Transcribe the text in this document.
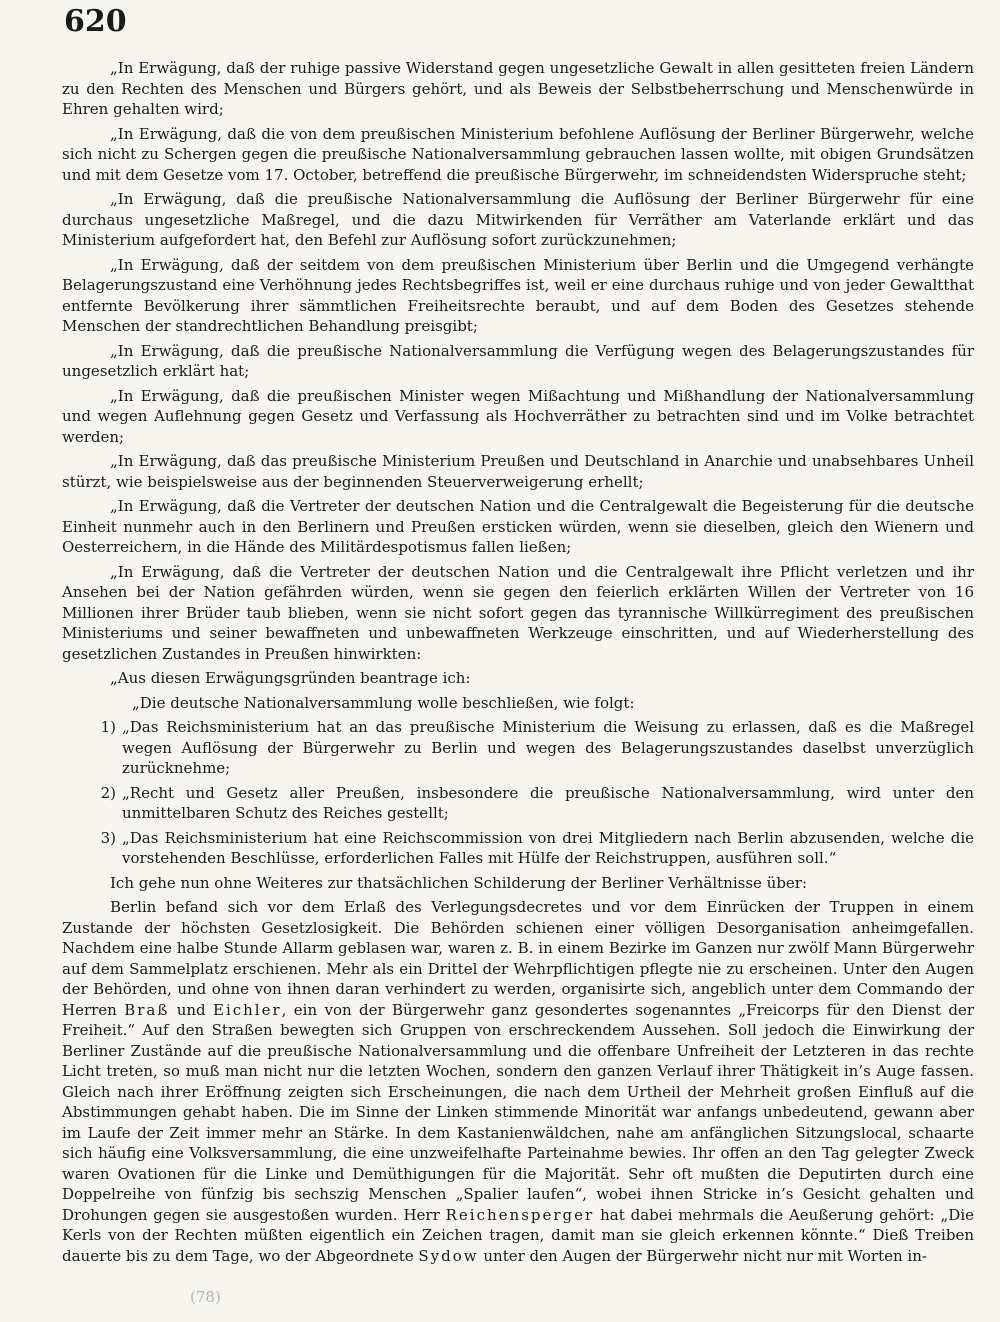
620

„In Erwägung, daß der ruhige passive Widerstand gegen ungesetzliche Gewalt in allen gesitteten freien Ländern zu den Rechten des Menschen und Bürgers gehört, und als Beweis der Selbstbeherrschung und Menschenwürde in Ehren gehalten wird;

„In Erwägung, daß die von dem preußischen Ministerium befohlene Auflösung der Berliner Bürgerwehr, welche sich nicht zu Schergen gegen die preußische Nationalversammlung gebrauchen lassen wollte, mit obigen Grundsätzen und mit dem Gesetze vom 17. October, betreffend die preußische Bürgerwehr, im schneidendsten Widerspruche steht;

„In Erwägung, daß die preußische Nationalversammlung die Auflösung der Berliner Bürgerwehr für eine durchaus ungesetzliche Maßregel, und die dazu Mitwirkenden für Verräther am Vaterlande erklärt und das Ministerium aufgefordert hat, den Befehl zur Auflösung sofort zurückzunehmen;

„In Erwägung, daß der seitdem von dem preußischen Ministerium über Berlin und die Umgegend verhängte Belagerungszustand eine Verhöhnung jedes Rechtsbegriffes ist, weil er eine durchaus ruhige und von jeder Gewaltthat entfernte Bevölkerung ihrer sämmtlichen Freiheitsrechte beraubt, und auf dem Boden des Gesetzes stehende Menschen der standrechtlichen Behandlung preisgibt;

„In Erwägung, daß die preußische Nationalversammlung die Verfügung wegen des Belagerungszustandes für ungesetzlich erklärt hat;

„In Erwägung, daß die preußischen Minister wegen Mißachtung und Mißhandlung der Nationalversammlung und wegen Auflehnung gegen Gesetz und Verfassung als Hochverräther zu betrachten sind und im Volke betrachtet werden;

„In Erwägung, daß das preußische Ministerium Preußen und Deutschland in Anarchie und unabsehbares Unheil stürzt, wie beispielsweise aus der beginnenden Steuerverweigerung erhellt;

„In Erwägung, daß die Vertreter der deutschen Nation und die Centralgewalt die Begeisterung für die deutsche Einheit nunmehr auch in den Berlinern und Preußen ersticken würden, wenn sie dieselben, gleich den Wienern und Oesterreichern, in die Hände des Militärdespotismus fallen ließen;

„In Erwägung, daß die Vertreter der deutschen Nation und die Centralgewalt ihre Pflicht verletzen und ihr Ansehen bei der Nation gefährden würden, wenn sie gegen den feierlich erklärten Willen der Vertreter von 16 Millionen ihrer Brüder taub blieben, wenn sie nicht sofort gegen das tyrannische Willkürregiment des preußischen Ministeriums und seiner bewaffneten und unbewaffneten Werkzeuge einschritten, und auf Wiederherstellung des gesetzlichen Zustandes in Preußen hinwirkten:

„Aus diesen Erwägungsgründen beantrage ich:

„Die deutsche Nationalversammlung wolle beschließen, wie folgt:

1) „Das Reichsministerium hat an das preußische Ministerium die Weisung zu erlassen, daß es die Maßregel wegen Auflösung der Bürgerwehr zu Berlin und wegen des Belagerungszustandes daselbst unverzüglich zurücknehme;
2) „Recht und Gesetz aller Preußen, insbesondere die preußische Nationalversammlung, wird unter den unmittelbaren Schutz des Reiches gestellt;
3) „Das Reichsministerium hat eine Reichscommission von drei Mitgliedern nach Berlin abzusenden, welche die vorstehenden Beschlüsse, erforderlichen Falles mit Hülfe der Reichstruppen, ausführen soll.“

Ich gehe nun ohne Weiteres zur thatsächlichen Schilderung der Berliner Verhältnisse über:

Berlin befand sich vor dem Erlaß des Verlegungsdecretes und vor dem Einrücken der Truppen in einem Zustande der höchsten Gesetzlosigkeit. Die Behörden schienen einer völligen Desorganisation anheimgefallen. Nachdem eine halbe Stunde Allarm geblasen war, waren z. B. in einem Bezirke im Ganzen nur zwölf Mann Bürgerwehr auf dem Sammelplatz erschienen. Mehr als ein Drittel der Wehrpflichtigen pflegte nie zu erscheinen. Unter den Augen der Behörden, und ohne von ihnen daran verhindert zu werden, organisirte sich, angeblich unter dem Commando der Herren Braß und Eichler, ein von der Bürgerwehr ganz gesondertes sogenanntes „Freicorps für den Dienst der Freiheit.“ Auf den Straßen bewegten sich Gruppen von erschreckendem Aussehen. Soll jedoch die Einwirkung der Berliner Zustände auf die preußische Nationalversammlung und die offenbare Unfreiheit der Letzteren in das rechte Licht treten, so muß man nicht nur die letzten Wochen, sondern den ganzen Verlauf ihrer Thätigkeit in’s Auge fassen. Gleich nach ihrer Eröffnung zeigten sich Erscheinungen, die nach dem Urtheil der Mehrheit großen Einfluß auf die Abstimmungen gehabt haben. Die im Sinne der Linken stimmende Minorität war anfangs unbedeutend, gewann aber im Laufe der Zeit immer mehr an Stärke. In dem Kastanienwäldchen, nahe am anfänglichen Sitzungslocal, schaarte sich häufig eine Volksversammlung, die eine unzweifelhafte Parteinahme bewies. Ihr offen an den Tag gelegter Zweck waren Ovationen für die Linke und Demüthigungen für die Majorität. Sehr oft mußten die Deputirten durch eine Doppelreihe von fünfzig bis sechszig Menschen „Spalier laufen“, wobei ihnen Stricke in’s Gesicht gehalten und Drohungen gegen sie ausgestoßen wurden. Herr Reichensperger hat dabei mehrmals die Aeußerung gehört: „Die Kerls von der Rechten müßten eigentlich ein Zeichen tragen, damit man sie gleich erkennen könnte.“ Dieß Treiben dauerte bis zu dem Tage, wo der Abgeordnete Sydow unter den Augen der Bürgerwehr nicht nur mit Worten in-

(78)
